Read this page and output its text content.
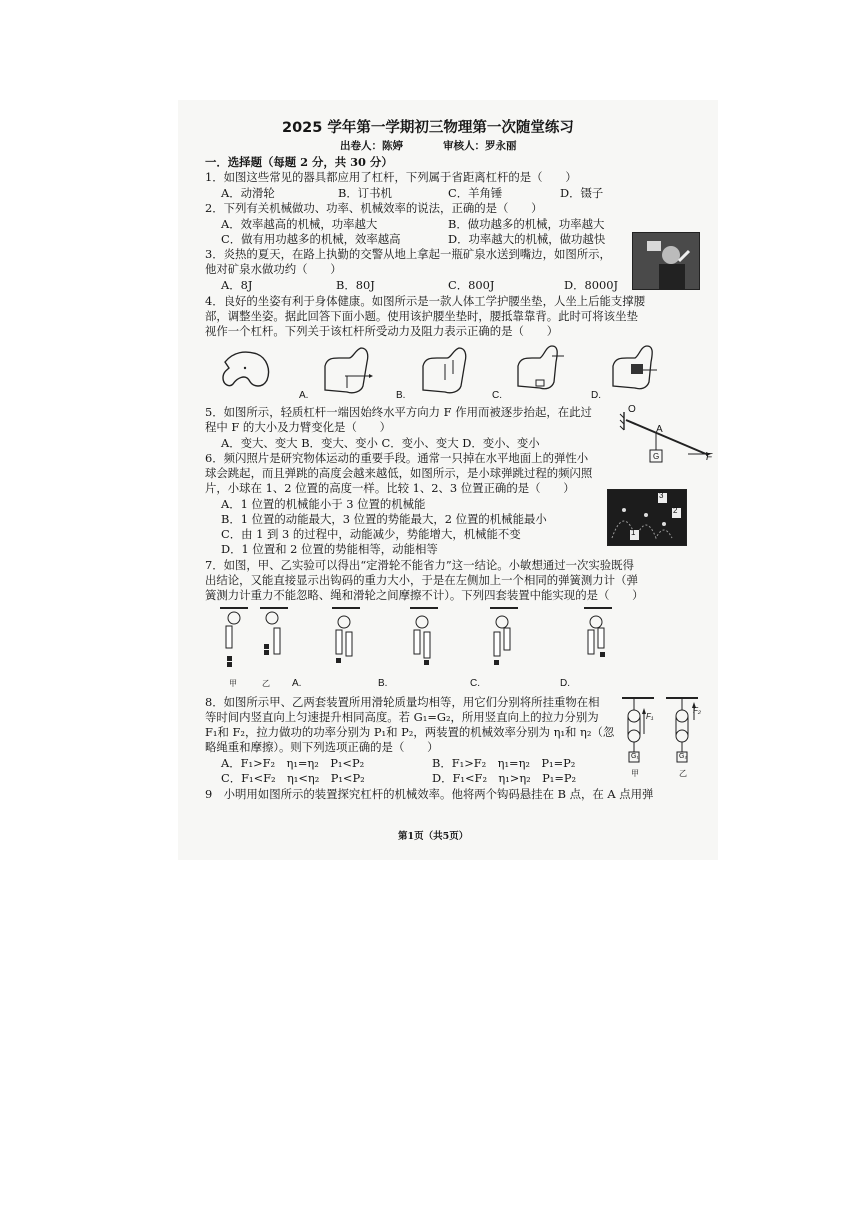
2025 学年第一学期初三物理第一次随堂练习
出卷人：陈婷	审核人：罗永丽
一．选择题（每题 2 分，共 30 分）
1．如图这些常见的器具都应用了杠杆，下列属于省距离杠杆的是（　　）
A．动滑轮	B．订书机	C．羊角锤	D．镊子
2．下列有关机械做功、功率、机械效率的说法，正确的是（　　）
A．效率越高的机械，功率越大	B．做功越多的机械，功率越大
C．做有用功越多的机械，效率越高	D．功率越大的机械，做功越快
3．炎热的夏天，在路上执勤的交警从地上拿起一瓶矿泉水送到嘴边，如图所示，
他对矿泉水做功约（　　）
A．8J	B．80J	C．800J	D．8000J
4．良好的坐姿有利于身体健康。如图所示是一款人体工学护腰坐垫，人坐上后能支撑腰
部，调整坐姿。据此回答下面小题。使用该护腰坐垫时，腰抵靠靠背。此时可将该坐垫
视作一个杠杆。下列关于该杠杆所受动力及阻力表示正确的是（　　）
A.	B.	C.	D.
5．如图所示，轻质杠杆一端因始终水平方向力 F 作用而被逐步抬起，在此过
程中 F 的大小及力臂变化是（　　）
A．变大、变大 B．变大、变小 C．变小、变大 D．变小、变小
O
A
G	F
6．频闪照片是研究物体运动的重要手段。通常一只掉在水平地面上的弹性小
球会跳起，而且弹跳的高度会越来越低，如图所示，是小球弹跳过程的频闪照
片，小球在 1、2 位置的高度一样。比较 1、2、3 位置正确的是（　　）
A．1 位置的机械能小于 3 位置的机械能
B．1 位置的动能最大，3 位置的势能最大，2 位置的机械能最小
C．由 1 到 3 的过程中，动能减少，势能增大，机械能不变
D．1 位置和 2 位置的势能相等，动能相等
3
2
1
7．如图，甲、乙实验可以得出“定滑轮不能省力”这一结论。小敏想通过一次实验既得
出结论，又能直接显示出钩码的重力大小，于是在左侧加上一个相同的弹簧测力计（弹
簧测力计重力不能忽略、绳和滑轮之间摩擦不计）。下列四套装置中能实现的是（　　）
甲	乙 A.	B.	C.	D.
8．如图所示甲、乙两套装置所用滑轮质量均相等，用它们分别将所挂重物在相
等时间内竖直向上匀速提升相同高度。若 G₁=G₂，所用竖直向上的拉力分别为
F₁和 F₂，拉力做功的功率分别为 P₁和 P₂，两装置的机械效率分别为 η₁和 η₂（忽
略绳重和摩擦）。则下列选项正确的是（　　）
A．F₁>F₂　η₁=η₂　P₁<P₂	B．F₁>F₂　η₁=η₂　P₁=P₂
C．F₁<F₂　η₁<η₂　P₁<P₂	D．F₁<F₂　η₁>η₂　P₁=P₂
F₁
F₂
G₁	G₂
甲	乙
9　小明用如图所示的装置探究杠杆的机械效率。他将两个钩码悬挂在 B 点，在 A 点用弹
第1页（共5页）
